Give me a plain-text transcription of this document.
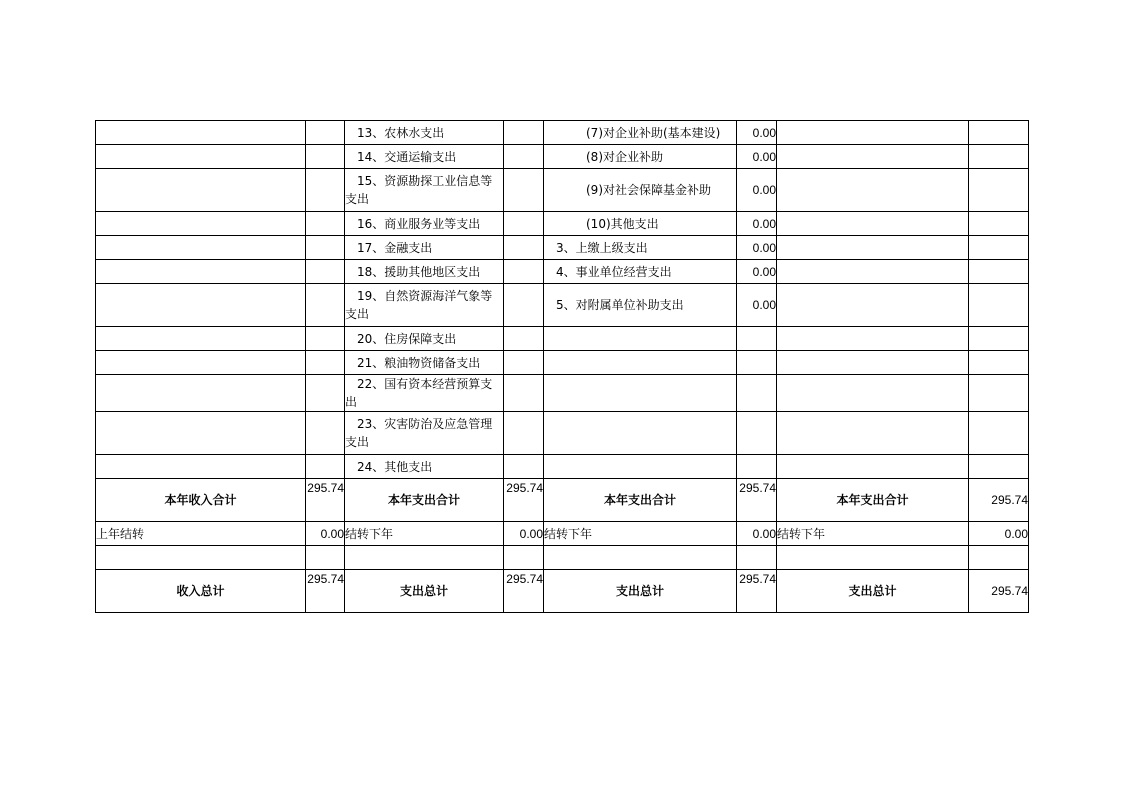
		13、农林水支出		(7)对企业补助(基本建设)	0.00		

		14、交通运输支出		(8)对企业补助	0.00		

		15、资源勘探工业信息等支出		(9)对社会保障基金补助	0.00		

		16、商业服务业等支出		(10)其他支出	0.00		

		17、金融支出		3、上缴上级支出	0.00		

		18、援助其他地区支出		4、事业单位经营支出	0.00		

		19、自然资源海洋气象等支出		5、对附属单位补助支出	0.00		

		20、住房保障支出					

		21、粮油物资储备支出					

		22、国有资本经营预算支出					

		23、灾害防治及应急管理支出					

		24、其他支出					

本年收入合计	295.74	本年支出合计	295.74	本年支出合计	295.74	本年支出合计	295.74
上年结转	0.00	结转下年	0.00	结转下年	0.00	结转下年	0.00

收入总计	295.74	支出总计	295.74	支出总计	295.74	支出总计	295.74
